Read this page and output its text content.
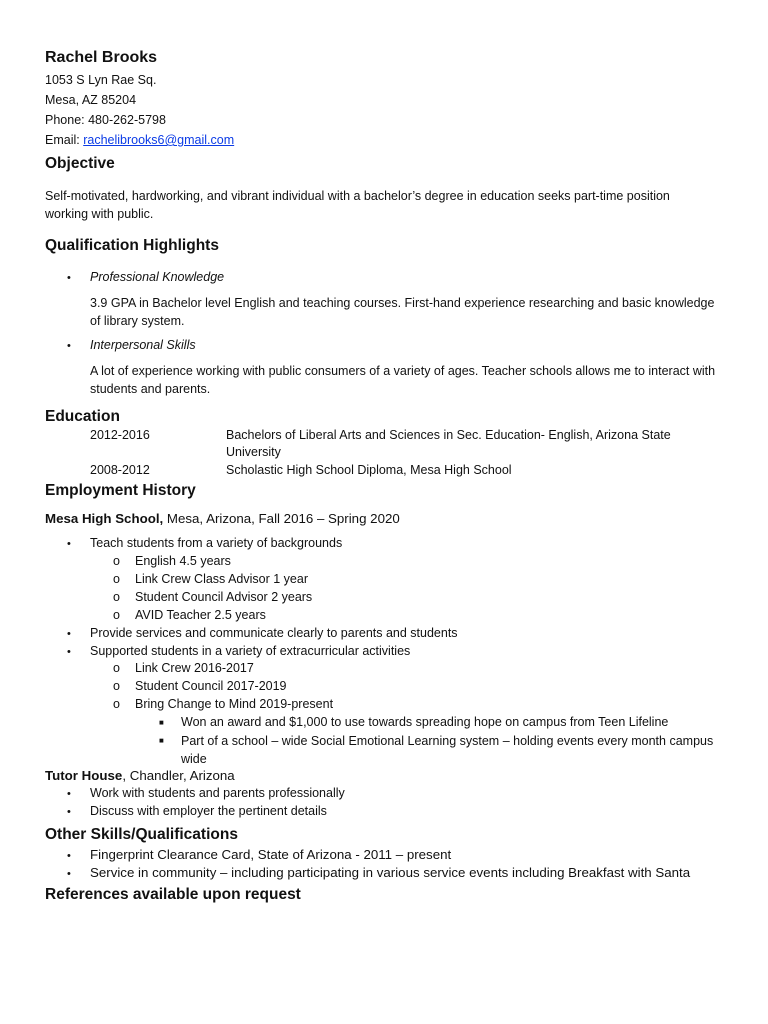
Rachel Brooks
1053 S Lyn Rae Sq.
Mesa, AZ 85204
Phone: 480-262-5798
Email: rachelibrooks6@gmail.com
Objective
Self-motivated, hardworking, and vibrant individual with a bachelor’s degree in education seeks part-time position working with public.
Qualification Highlights
• Professional Knowledge
3.9 GPA in Bachelor level English and teaching courses. First-hand experience researching and basic knowledge of library system.
• Interpersonal Skills
A lot of experience working with public consumers of a variety of ages. Teacher schools allows me to interact with students and parents.
Education
2012-2016	Bachelors of Liberal Arts and Sciences in Sec. Education- English, Arizona State University
2008-2012	Scholastic High School Diploma, Mesa High School
Employment History
Mesa High School, Mesa, Arizona, Fall 2016 – Spring 2020
• Teach students from a variety of backgrounds
o English 4.5 years
o Link Crew Class Advisor 1 year
o Student Council Advisor 2 years
o AVID Teacher 2.5 years
• Provide services and communicate clearly to parents and students
• Supported students in a variety of extracurricular activities
o Link Crew 2016-2017
o Student Council 2017-2019
o Bring Change to Mind 2019-present
■ Won an award and $1,000 to use towards spreading hope on campus from Teen Lifeline
■ Part of a school – wide Social Emotional Learning system – holding events every month campus wide
Tutor House, Chandler, Arizona
• Work with students and parents professionally
• Discuss with employer the pertinent details
Other Skills/Qualifications
• Fingerprint Clearance Card, State of Arizona - 2011 – present
• Service in community – including participating in various service events including Breakfast with Santa
References available upon request
